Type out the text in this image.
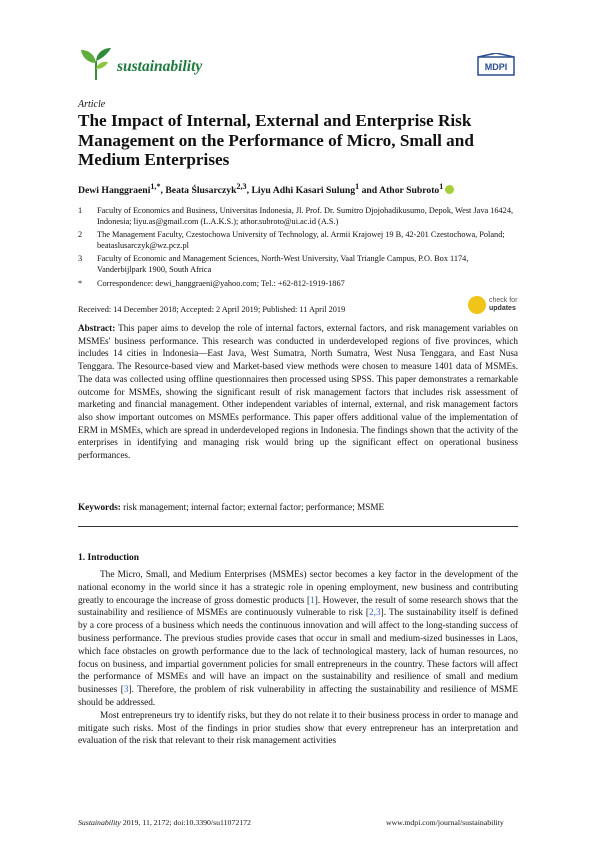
sustainability	MDPI
Article
The Impact of Internal, External and Enterprise Risk Management on the Performance of Micro, Small and Medium Enterprises
Dewi Hanggraeni$^{1,*}$, Beata Ślusarczyk$^{2,3}$, Liyu Adhi Kasari Sulung$^1$ and Athor Subroto$^1$
1	Faculty of Economics and Business, Universitas Indonesia, Jl. Prof. Dr. Sumitro Djojohadikusumo, Depok, West Java 16424, Indonesia; liyu.as@gmail.com (L.A.K.S.); athor.subroto@ui.ac.id (A.S.)
2	The Management Faculty, Czestochowa University of Technology, al. Armii Krajowej 19 B, 42-201 Czestochowa, Poland; beataslusarczyk@wz.pcz.pl
3	Faculty of Economic and Management Sciences, North-West University, Vaal Triangle Campus, P.O. Box 1174, Vanderbijlpark 1900, South Africa
*	Correspondence: dewi_hanggraeni@yahoo.com; Tel.: +62-812-1919-1867
Received: 14 December 2018; Accepted: 2 April 2019; Published: 11 April 2019
check for
updates
Abstract: This paper aims to develop the role of internal factors, external factors, and risk management variables on MSMEs' business performance. This research was conducted in underdeveloped regions of five provinces, which includes 14 cities in Indonesia—East Java, West Sumatra, North Sumatra, West Nusa Tenggara, and East Nusa Tenggara. The Resource-based view and Market-based view methods were chosen to measure 1401 data of MSMEs. The data was collected using offline questionnaires then processed using SPSS. This paper demonstrates a remarkable outcome for MSMEs, showing the significant result of risk management factors that includes risk assessment of marketing and financial management. Other independent variables of internal, external, and risk management factors also show important outcomes on MSMEs performance. This paper offers additional value of the implementation of ERM in MSMEs, which are spread in underdeveloped regions in Indonesia. The findings shown that the activity of the enterprises in identifying and managing risk would bring up the significant effect on operational business performances.
Keywords: risk management; internal factor; external factor; performance; MSME
1. Introduction

The Micro, Small, and Medium Enterprises (MSMEs) sector becomes a key factor in the development of the national economy in the world since it has a strategic role in opening employment, new business and contributing greatly to encourage the increase of gross domestic products [1]. However, the result of some research shows that the sustainability and resilience of MSMEs are continuously vulnerable to risk [2,3]. The sustainability itself is defined by a core process of a business which needs the continuous innovation and will affect to the long-standing success of business performance. The previous studies provide cases that occur in small and medium-sized businesses in Laos, which face obstacles on growth performance due to the lack of technological mastery, lack of human resources, no focus on business, and impartial government policies for small entrepreneurs in the country. These factors will affect the performance of MSMEs and will have an impact on the sustainability and resilience of small and medium businesses [3]. Therefore, the problem of risk vulnerability in affecting the sustainability and resilience of MSME should be addressed.

Most entrepreneurs try to identify risks, but they do not relate it to their business process in order to manage and mitigate such risks. Most of the findings in prior studies show that every entrepreneur has an interpretation and evaluation of the risk that relevant to their risk management activities

Sustainability 2019, 11, 2172; doi:10.3390/su11072172	www.mdpi.com/journal/sustainability
